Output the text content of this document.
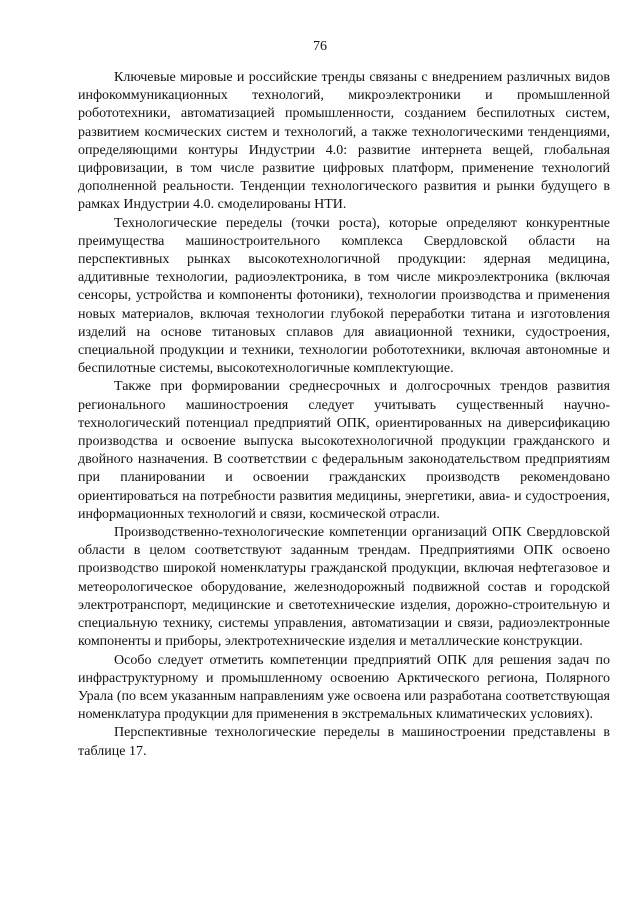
76

Ключевые мировые и российские тренды связаны с внедрением различных видов инфокоммуникационных технологий, микроэлектроники и промышленной робототехники, автоматизацией промышленности, созданием беспилотных систем, развитием космических систем и технологий, а также технологическими тенденциями, определяющими контуры Индустрии 4.0: развитие интернета вещей, глобальная цифровизации, в том числе развитие цифровых платформ, применение технологий дополненной реальности. Тенденции технологического развития и рынки будущего в рамках Индустрии 4.0. смоделированы НТИ.

Технологические переделы (точки роста), которые определяют конкурентные преимущества машиностроительного комплекса Свердловской области на перспективных рынках высокотехнологичной продукции: ядерная медицина, аддитивные технологии, радиоэлектроника, в том числе микроэлектроника (включая сенсоры, устройства и компоненты фотоники), технологии производства и применения новых материалов, включая технологии глубокой переработки титана и изготовления изделий на основе титановых сплавов для авиационной техники, судостроения, специальной продукции и техники, технологии робототехники, включая автономные и беспилотные системы, высокотехнологичные комплектующие.

Также при формировании среднесрочных и долгосрочных трендов развития регионального машиностроения следует учитывать существенный научно-технологический потенциал предприятий ОПК, ориентированных на диверсификацию производства и освоение выпуска высокотехнологичной продукции гражданского и двойного назначения. В соответствии с федеральным законодательством предприятиям при планировании и освоении гражданских производств рекомендовано ориентироваться на потребности развития медицины, энергетики, авиа- и судостроения, информационных технологий и связи, космической отрасли.

Производственно-технологические компетенции организаций ОПК Свердловской области в целом соответствуют заданным трендам. Предприятиями ОПК освоено производство широкой номенклатуры гражданской продукции, включая нефтегазовое и метеорологическое оборудование, железнодорожный подвижной состав и городской электротранспорт, медицинские и светотехнические изделия, дорожно-строительную и специальную технику, системы управления, автоматизации и связи, радиоэлектронные компоненты и приборы, электротехнические изделия и металлические конструкции.

Особо следует отметить компетенции предприятий ОПК для решения задач по инфраструктурному и промышленному освоению Арктического региона, Полярного Урала (по всем указанным направлениям уже освоена или разработана соответствующая номенклатура продукции для применения в экстремальных климатических условиях).

Перспективные технологические переделы в машиностроении представлены в таблице 17.
